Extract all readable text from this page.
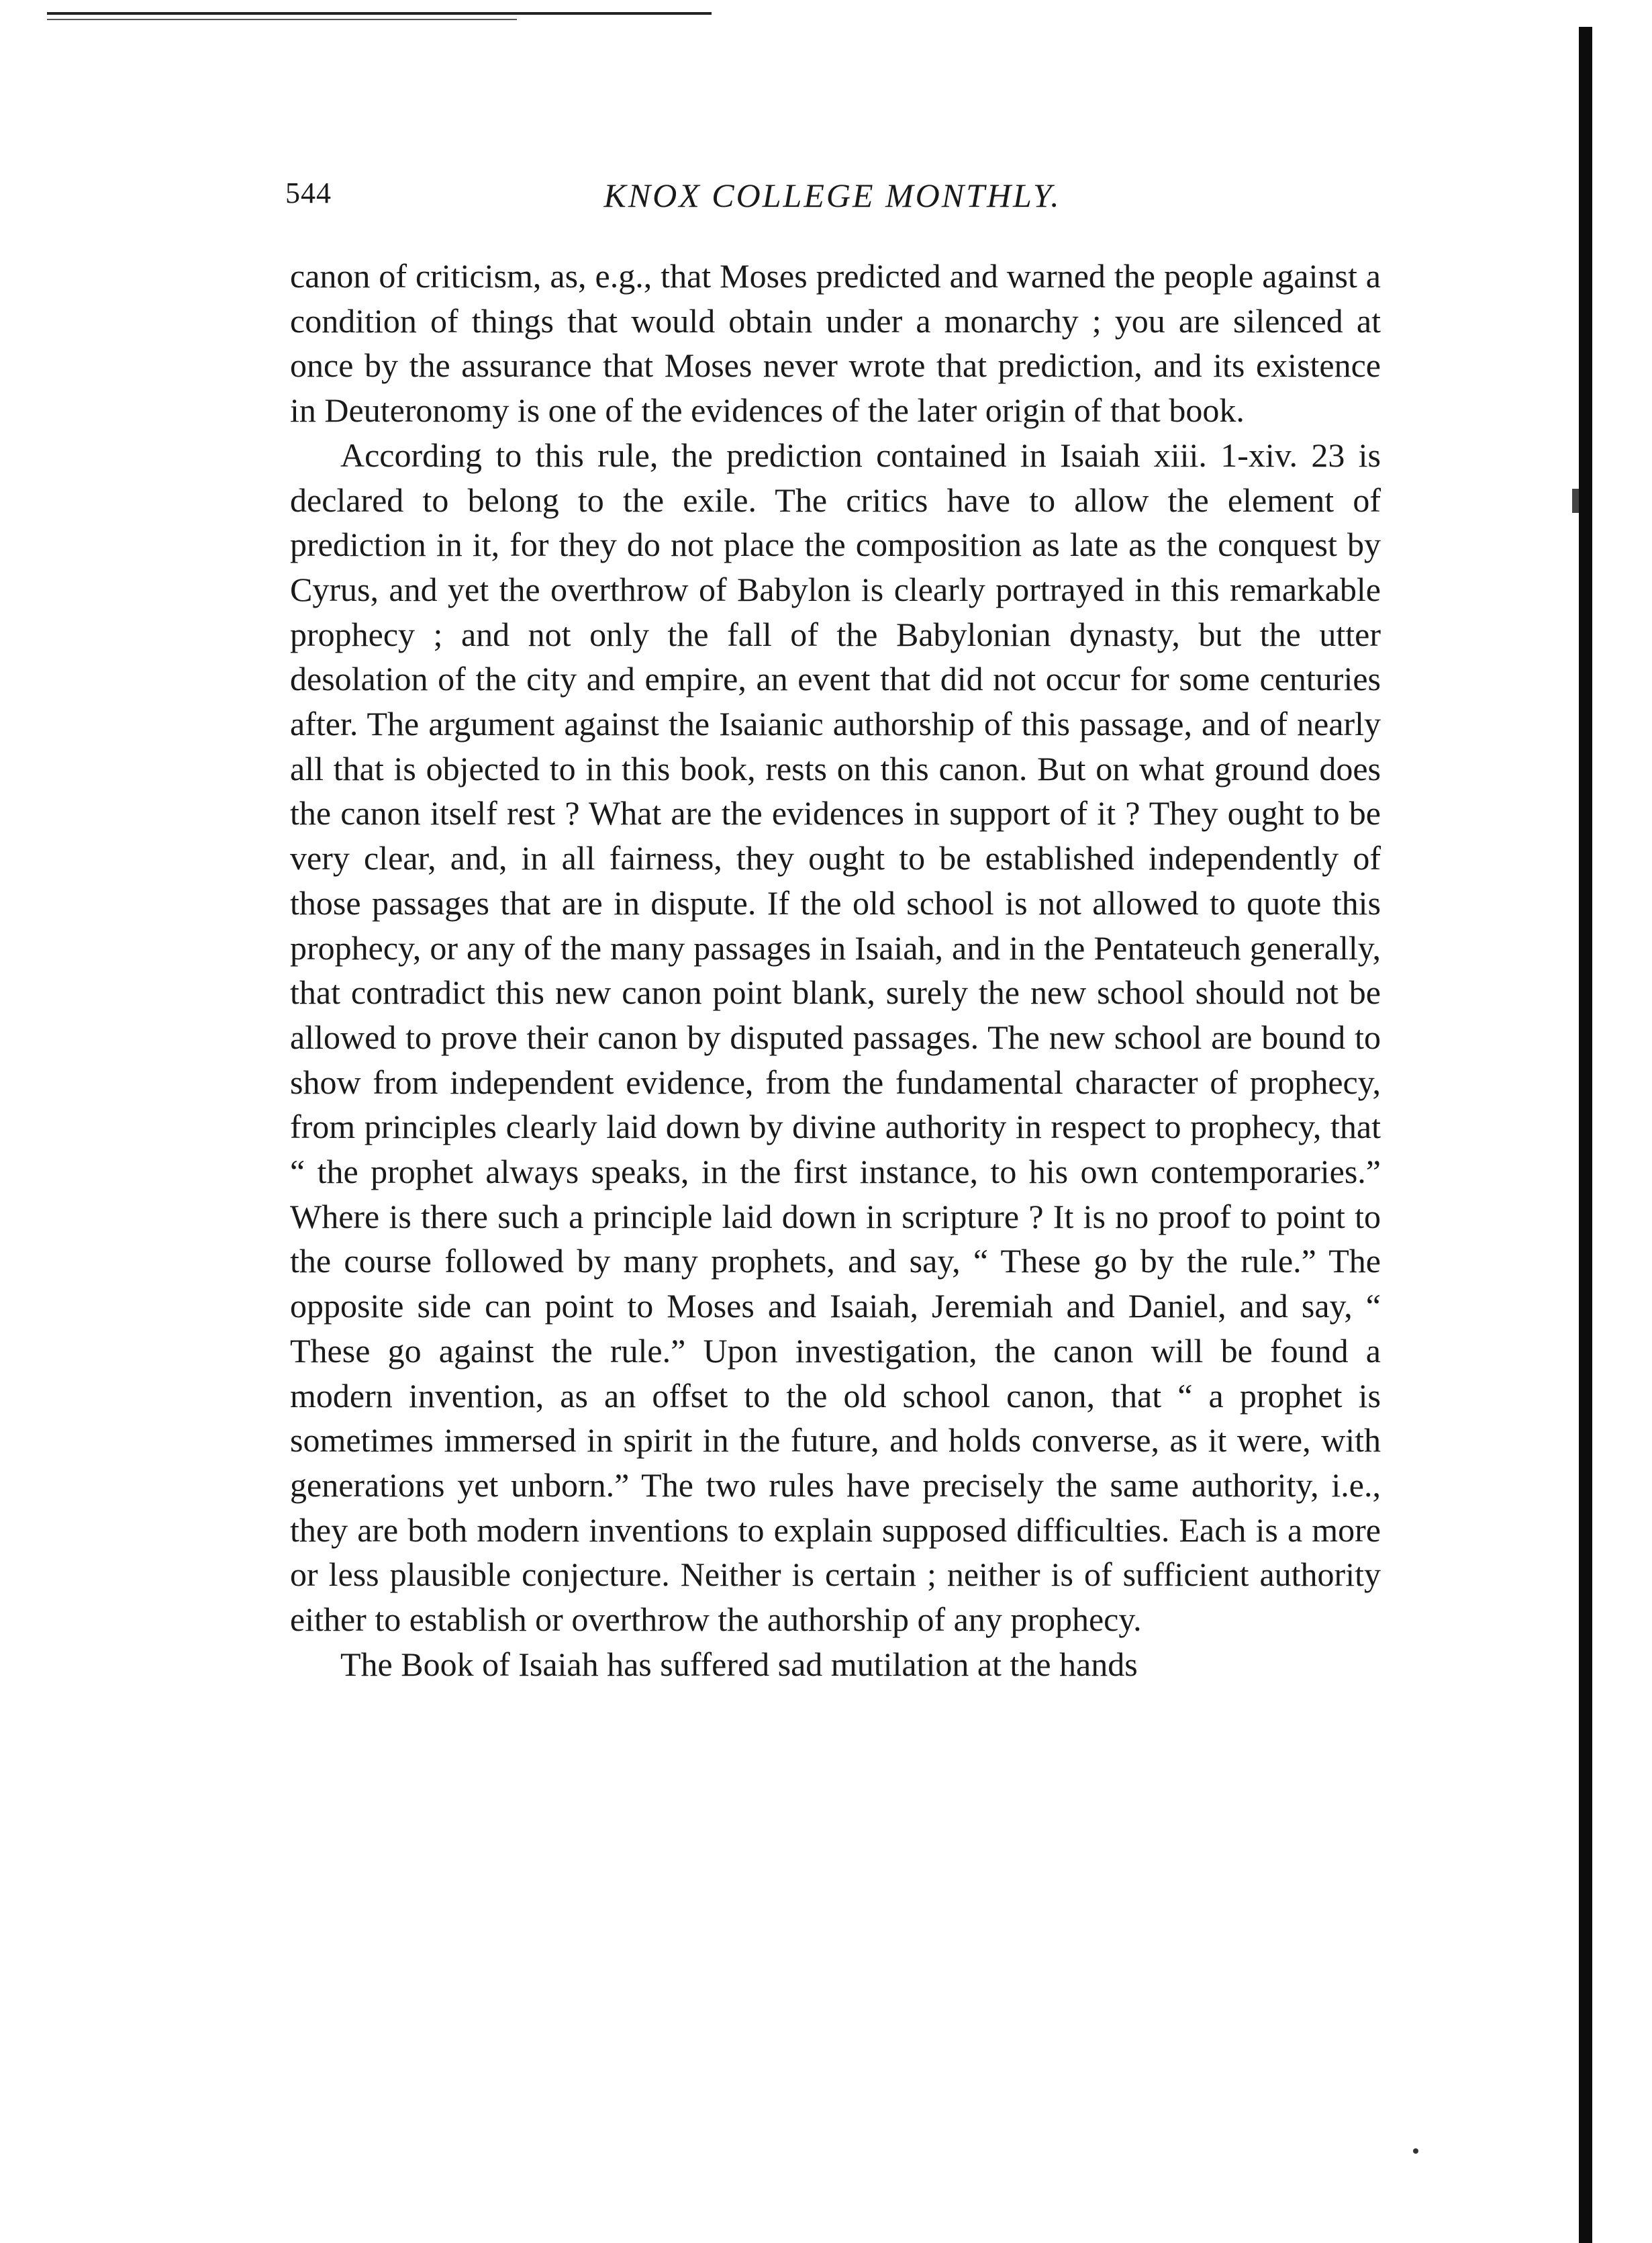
544	KNOX COLLEGE MONTHLY.

canon of criticism, as, e.g., that Moses predicted and warned the people against a condition of things that would obtain under a monarchy ; you are silenced at once by the assurance that Moses never wrote that prediction, and its existence in Deuteronomy is one of the evidences of the later origin of that book.

According to this rule, the prediction contained in Isaiah xiii. 1-xiv. 23 is declared to belong to the exile. The critics have to allow the element of prediction in it, for they do not place the composition as late as the conquest by Cyrus, and yet the overthrow of Babylon is clearly portrayed in this remarkable prophecy ; and not only the fall of the Babylonian dynasty, but the utter desolation of the city and empire, an event that did not occur for some centuries after. The argument against the Isaianic authorship of this passage, and of nearly all that is objected to in this book, rests on this canon. But on what ground does the canon itself rest ? What are the evidences in support of it ? They ought to be very clear, and, in all fairness, they ought to be established independently of those passages that are in dispute. If the old school is not allowed to quote this prophecy, or any of the many passages in Isaiah, and in the Pentateuch generally, that contradict this new canon point blank, surely the new school should not be allowed to prove their canon by disputed passages. The new school are bound to show from independent evidence, from the fundamental character of prophecy, from principles clearly laid down by divine authority in respect to prophecy, that “ the prophet always speaks, in the first instance, to his own contemporaries.” Where is there such a principle laid down in scripture ? It is no proof to point to the course followed by many prophets, and say, “ These go by the rule.” The opposite side can point to Moses and Isaiah, Jeremiah and Daniel, and say, “ These go against the rule.” Upon investigation, the canon will be found a modern invention, as an offset to the old school canon, that “ a prophet is sometimes immersed in spirit in the future, and holds converse, as it were, with generations yet unborn.” The two rules have precisely the same authority, i.e., they are both modern inventions to explain supposed difficulties. Each is a more or less plausible conjecture. Neither is certain ; neither is of sufficient authority either to establish or overthrow the authorship of any prophecy.

The Book of Isaiah has suffered sad mutilation at the hands
